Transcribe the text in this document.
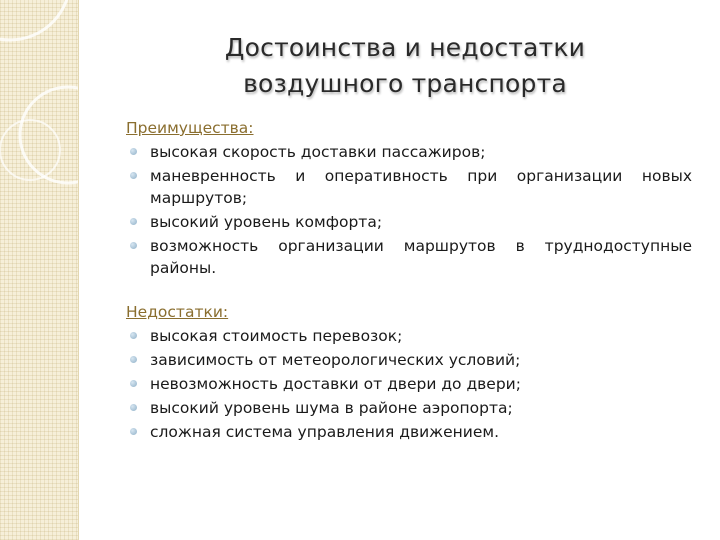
Достоинства и недостатки
воздушного транспорта

Преимущества:

высокая скорость доставки пассажиров;
маневренность и оперативность при организации новых маршрутов;
высокий уровень комфорта;
возможность организации маршрутов в труднодоступные районы.

Недостатки:

высокая стоимость перевозок;
зависимость от метеорологических условий;
невозможность доставки от двери до двери;
высокий уровень шума в районе аэропорта;
сложная система управления движением.
